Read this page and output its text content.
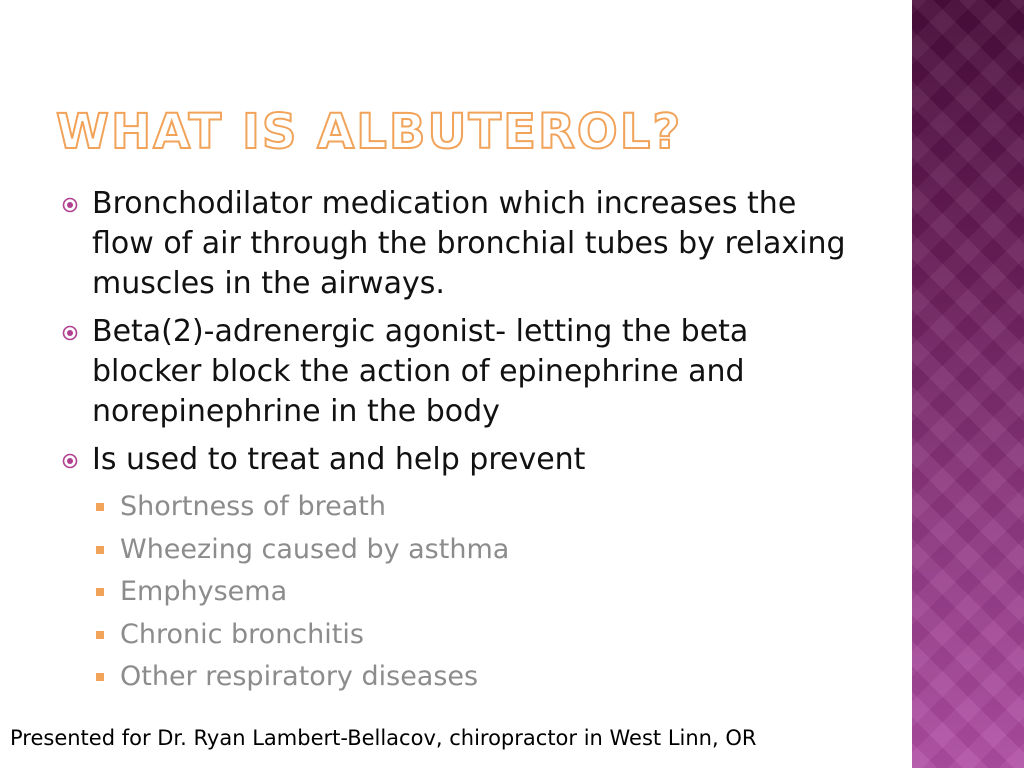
WHAT IS ALBUTEROL?
Bronchodilator medication which increases the flow of air through the bronchial tubes by relaxing muscles in the airways.
Beta(2)-adrenergic agonist- letting the beta blocker block the action of epinephrine and norepinephrine in the body
Is used to treat and help prevent
Shortness of breath
Wheezing caused by asthma
Emphysema
Chronic bronchitis
Other respiratory diseases
Presented for Dr. Ryan Lambert-Bellacov, chiropractor in West Linn, OR
